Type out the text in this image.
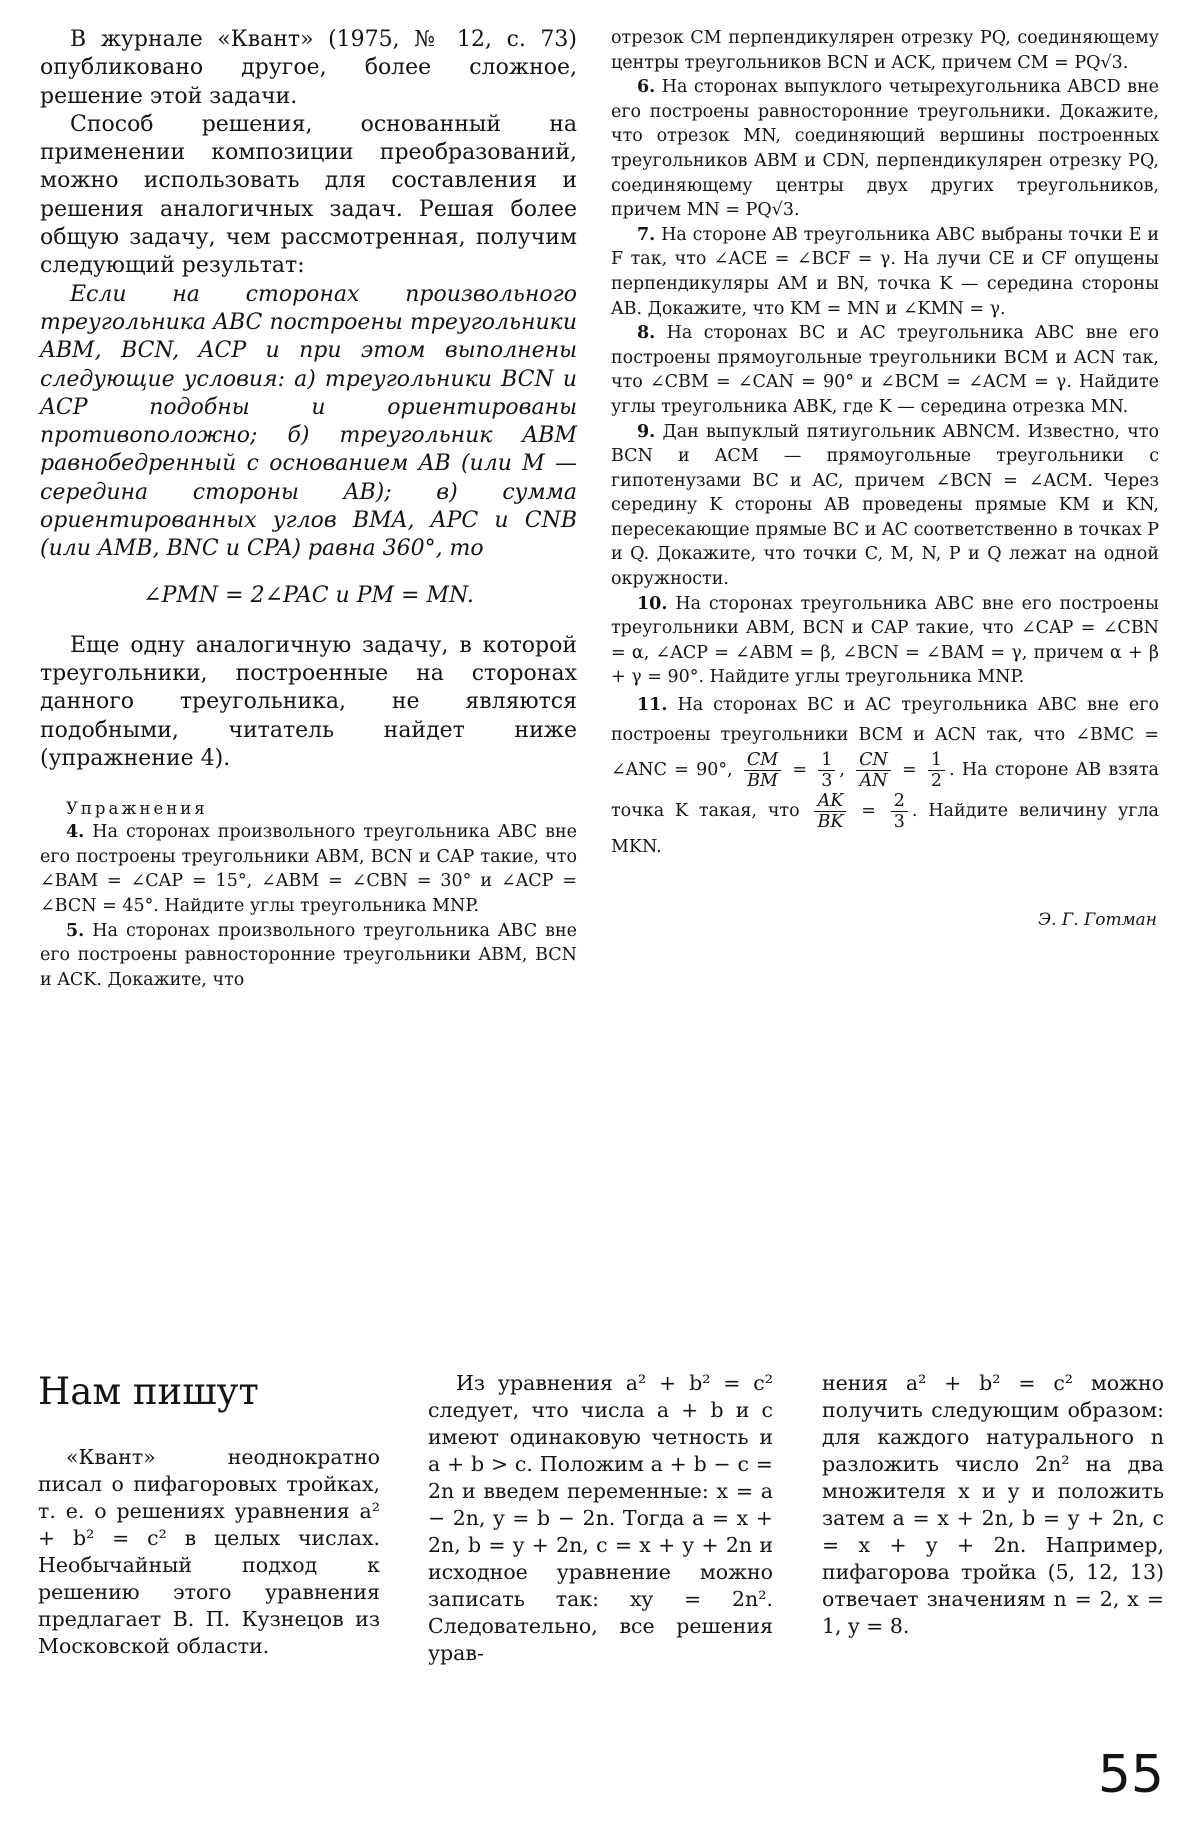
В журнале «Квант» (1975, № 12, с. 73) опубликовано другое, более сложное, решение этой задачи.

Способ решения, основанный на применении композиции преобразований, можно использовать для составления и решения аналогичных задач. Решая более общую задачу, чем рассмотренная, получим следующий результат:

Если на сторонах произвольного треугольника ABC построены треугольники ABM, BCN, ACP и при этом выполнены следующие условия: а) треугольники BCN и ACP подобны и ориентированы противоположно; б) треугольник ABM равнобедренный с основанием AB (или M — середина стороны AB); в) сумма ориентированных углов BMA, APC и CNB (или AMB, BNC и CPA) равна 360°, то

∠PMN = 2∠PAC и PM = MN.

Еще одну аналогичную задачу, в которой треугольники, построенные на сторонах данного треугольника, не являются подобными, читатель найдет ниже (упражнение 4).

Упражнения

4. На сторонах произвольного треугольника ABC вне его построены треугольники ABM, BCN и CAP такие, что ∠BAM = ∠CAP = 15°, ∠ABM = ∠CBN = 30° и ∠ACP = ∠BCN = 45°. Найдите углы треугольника MNP.

5. На сторонах произвольного треугольника ABC вне его построены равносторонние треугольники ABM, BCN и ACK. Докажите, что

отрезок CM перпендикулярен отрезку PQ, соединяющему центры треугольников BCN и ACK, причем CM = PQ√3.

6. На сторонах выпуклого четырехугольника ABCD вне его построены равносторонние треугольники. Докажите, что отрезок MN, соединяющий вершины построенных треугольников ABM и CDN, перпендикулярен отрезку PQ, соединяющему центры двух других треугольников, причем MN = PQ√3.

7. На стороне AB треугольника ABC выбраны точки E и F так, что ∠ACE = ∠BCF = γ. На лучи CE и CF опущены перпендикуляры AM и BN, точка K — середина стороны AB. Докажите, что KM = MN и ∠KMN = γ.

8. На сторонах BC и AC треугольника ABC вне его построены прямоугольные треугольники BCM и ACN так, что ∠CBM = ∠CAN = 90° и ∠BCM = ∠ACM = γ. Найдите углы треугольника ABK, где K — середина отрезка MN.

9. Дан выпуклый пятиугольник ABNCM. Известно, что BCN и ACM — прямоугольные треугольники с гипотенузами BC и AC, причем ∠BCN = ∠ACM. Через середину K стороны AB проведены прямые KM и KN, пересекающие прямые BC и AC соответственно в точках P и Q. Докажите, что точки C, M, N, P и Q лежат на одной окружности.

10. На сторонах треугольника ABC вне его построены треугольники ABM, BCN и CAP такие, что ∠CAP = ∠CBN = α, ∠ACP = ∠ABM = β, ∠BCN = ∠BAM = γ, причем α + β + γ = 90°. Найдите углы треугольника MNP.

11. На сторонах BC и AC треугольника ABC вне его построены треугольники BCM и ACN так, что ∠BMC = ∠ANC = 90°, $\frac{CM}{BM} = \frac{1}{3}$ , $\frac{CN}{AN} = \frac{1}{2}$ . На стороне AB взята точка K такая, что $\frac{AK}{BK} = \frac{2}{3}$ . Найдите величину угла MKN.

Э. Г. Готман
Нам пишут

«Квант» неоднократно писал о пифагоровых тройках, т. е. о решениях уравнения a² + b² = c² в целых числах. Необычайный подход к решению этого уравнения предлагает В. П. Кузнецов из Московской области.

Из уравнения a² + b² = c² следует, что числа a + b и c имеют одинаковую четность и a + b > c. Положим a + b − c = 2n и введем переменные: x = a − 2n, y = b − 2n. Тогда a = x + 2n, b = y + 2n, c = x + y + 2n и исходное уравнение можно записать так: xy = 2n². Следовательно, все решения урав-

нения a² + b² = c² можно получить следующим образом: для каждого натурального n разложить число 2n² на два множителя x и y и положить затем a = x + 2n, b = y + 2n, c = x + y + 2n. Например, пифагорова тройка (5, 12, 13) отвечает значениям n = 2, x = 1, y = 8.

55
